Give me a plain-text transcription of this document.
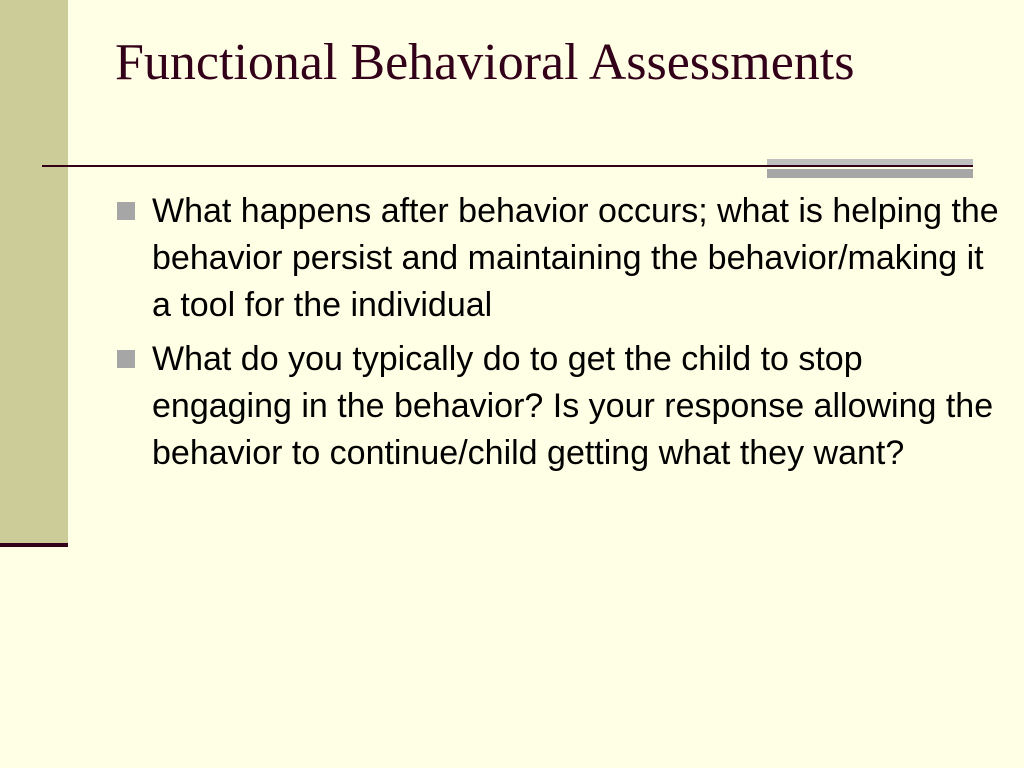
Functional Behavioral Assessments
What happens after behavior occurs; what is helping the behavior persist and maintaining the behavior/making it a tool for the individual
What do you typically do to get the child to stop engaging in the behavior? Is your response allowing the behavior to continue/child getting what they want?
